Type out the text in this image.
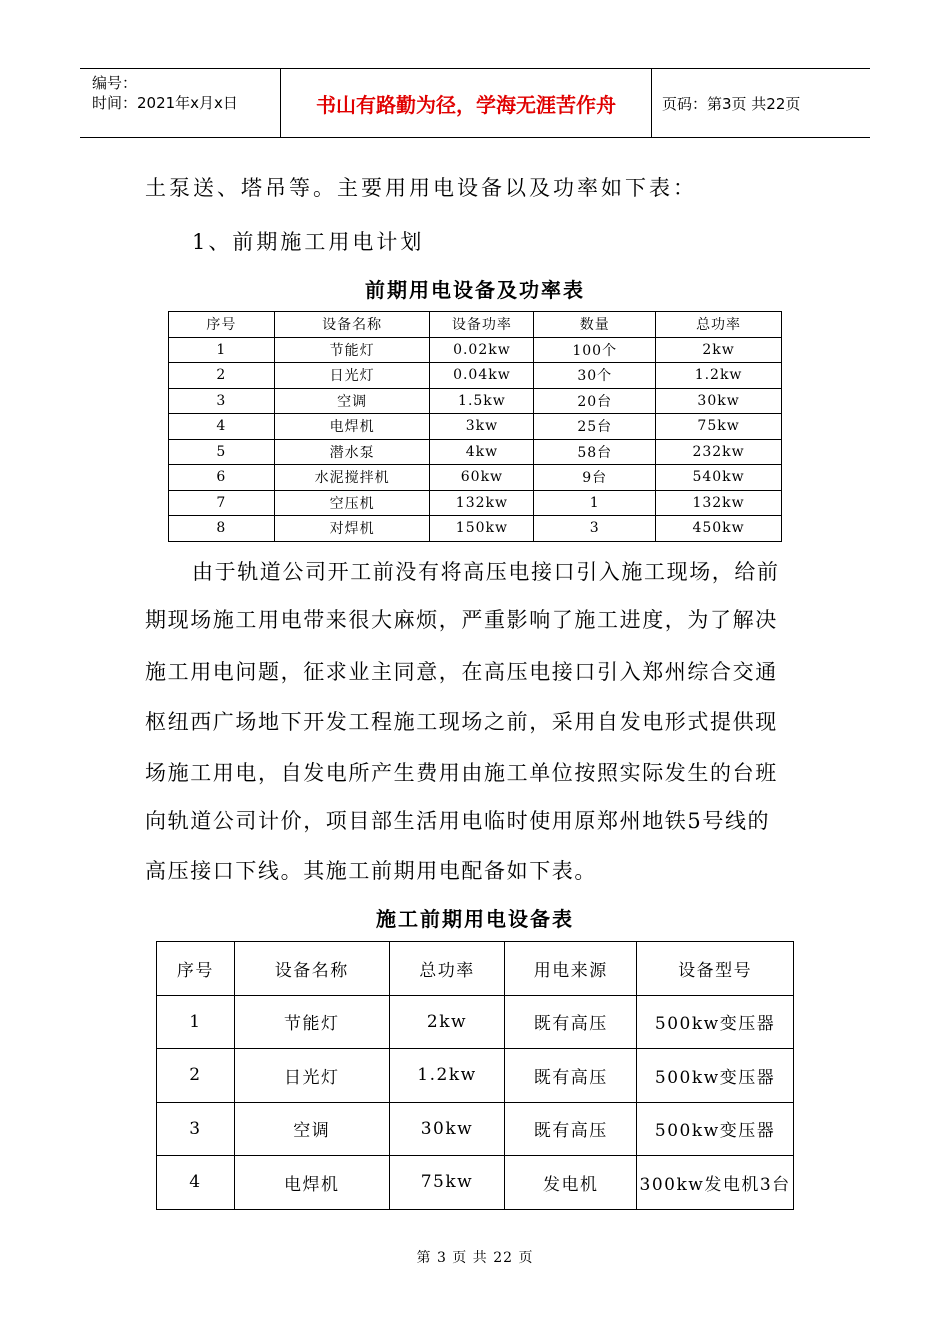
编号：
时间：2021年x月x日	书山有路勤为径，学海无涯苦作舟	页码：第3页 共22页
土泵送、塔吊等。主要用用电设备以及功率如下表：
1、前期施工用电计划
前期用电设备及功率表
序号	设备名称	设备功率	数量	总功率
1	节能灯	0.02kw	100个	2kw
2	日光灯	0.04kw	30个	1.2kw
3	空调	1.5kw	20台	30kw
4	电焊机	3kw	25台	75kw
5	潜水泵	4kw	58台	232kw
6	水泥搅拌机	60kw	9台	540kw
7	空压机	132kw	1	132kw
8	对焊机	150kw	3	450kw
由于轨道公司开工前没有将高压电接口引入施工现场，给前
期现场施工用电带来很大麻烦，严重影响了施工进度，为了解决
施工用电问题，征求业主同意，在高压电接口引入郑州综合交通
枢纽西广场地下开发工程施工现场之前，采用自发电形式提供现
场施工用电，自发电所产生费用由施工单位按照实际发生的台班
向轨道公司计价，项目部生活用电临时使用原郑州地铁5号线的
高压接口下线。其施工前期用电配备如下表。
施工前期用电设备表
序号	设备名称	总功率	用电来源	设备型号
1	节能灯	2kw	既有高压	500kw变压器
2	日光灯	1.2kw	既有高压	500kw变压器
3	空调	30kw	既有高压	500kw变压器
4	电焊机	75kw	发电机	300kw发电机3台
第 3 页 共 22 页
